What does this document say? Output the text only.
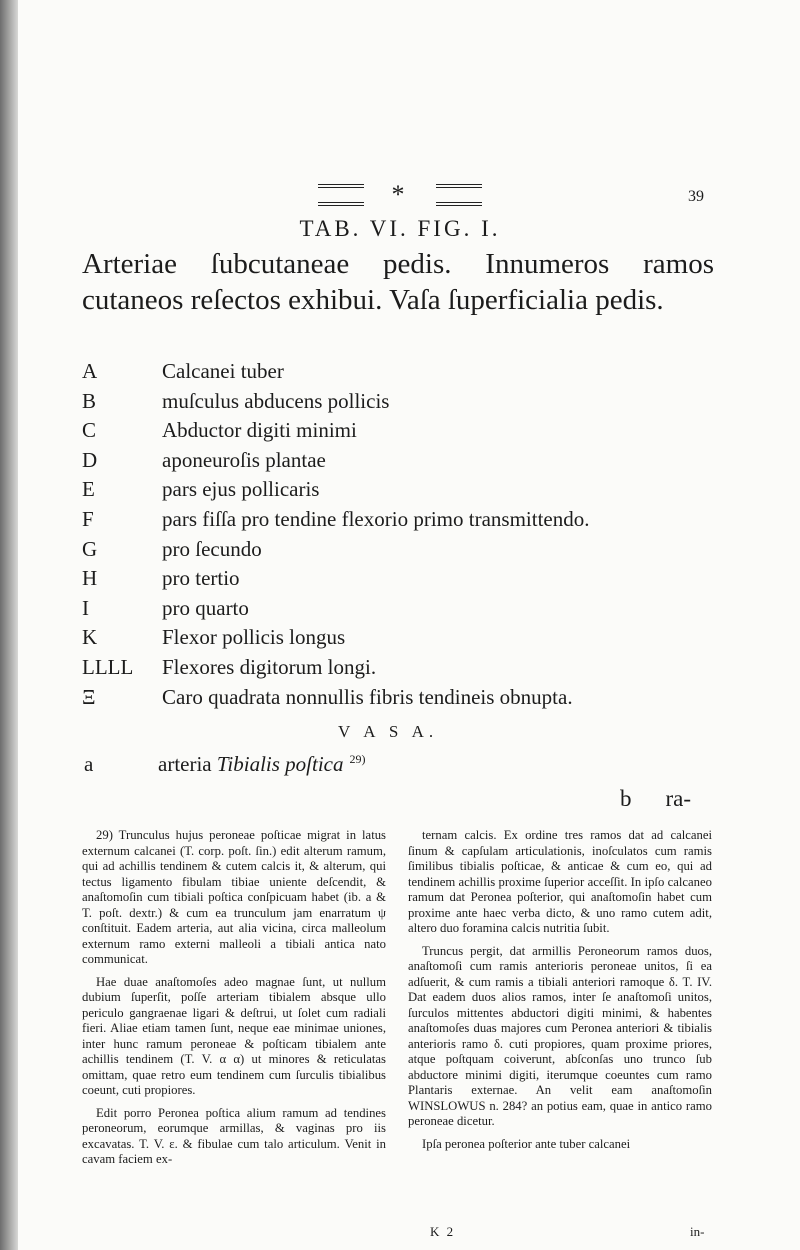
*	39
TAB. VI. FIG. I.
Arteriae ſubcutaneae pedis. Innumeros ramos cutaneos reſectos exhibui. Vaſa ſuperficialia pedis.
A	Calcanei tuber
B	muſculus abducens pollicis
C	Abductor digiti minimi
D	aponeuroſis plantae
E	pars ejus pollicaris
F	pars fiſſa pro tendine flexorio primo transmittendo.
G	pro ſecundo
H	pro tertio
I	pro quarto
K	Flexor pollicis longus
LLLL Flexores digitorum longi.
Ξ	Caro quadrata nonnullis fibris tendineis obnupta.
V A S A.
a	arteria Tibialis poſtica $^{29)}$
b ra-

29) Trunculus hujus peroneae poſticae migrat in latus externum calcanei (T. corp. poſt. ſin.) edit alterum ramum, qui ad achillis tendinem & cutem calcis it, & alterum, qui tectus ligamento fibulam tibiae uniente deſcendit, & anaſtomoſin cum tibiali poſtica conſpicuam habet (ib. a & T. poſt. dextr.) & cum ea trunculum jam enarratum ψ conſtituit. Eadem arteria, aut alia vicina, circa malleolum externum ramo externi malleoli a tibiali antica nato communicat.

Hae duae anaſtomoſes adeo magnae ſunt, ut nullum dubium ſuperſit, poſſe arteriam tibialem absque ullo periculo gangraenae ligari & deſtrui, ut ſolet cum radiali fieri. Aliae etiam tamen ſunt, neque eae minimae uniones, inter hunc ramum peroneae & poſticam tibialem ante achillis tendinem (T. V. α α) ut minores & reticulatas omittam, quae retro eum tendinem cum ſurculis tibialibus coeunt, cuti propiores.

Edit porro Peronea poſtica alium ramum ad tendines peroneorum, eorumque armillas, & vaginas pro iis excavatas. T. V. ε. & fibulae cum talo articulum. Venit in cavam faciem ex-

ternam calcis. Ex ordine tres ramos dat ad calcanei ſinum & capſulam articulationis, inoſculatos cum ramis ſimilibus tibialis poſticae, & anticae & cum eo, qui ad tendinem achillis proxime ſuperior acceſſit. In ipſo calcaneo ramum dat Peronea poſterior, qui anaſtomoſin habet cum proxime ante haec verba dicto, & uno ramo cutem adit, altero duo foramina calcis nutritia ſubit.

Truncus pergit, dat armillis Peroneorum ramos duos, anaſtomoſi cum ramis anterioris peroneae unitos, ſi ea adſuerit, & cum ramis a tibiali anteriori ramoque δ. T. IV. Dat eadem duos alios ramos, inter ſe anaſtomoſi unitos, ſurculos mittentes abductori digiti minimi, & habentes anaſtomoſes duas majores cum Peronea anteriori & tibialis anterioris ramo δ. cuti propiores, quam proxime priores, atque poſtquam coiverunt, abſconſas uno trunco ſub abductore minimi digiti, iterumque coeuntes cum ramo Plantaris externae. An velit eam anaſtomoſin WINSLOWUS n. 284? an potius eam, quae in antico ramo peroneae dicetur.

Ipſa peronea poſterior ante tuber calcanei

K 2	in-
